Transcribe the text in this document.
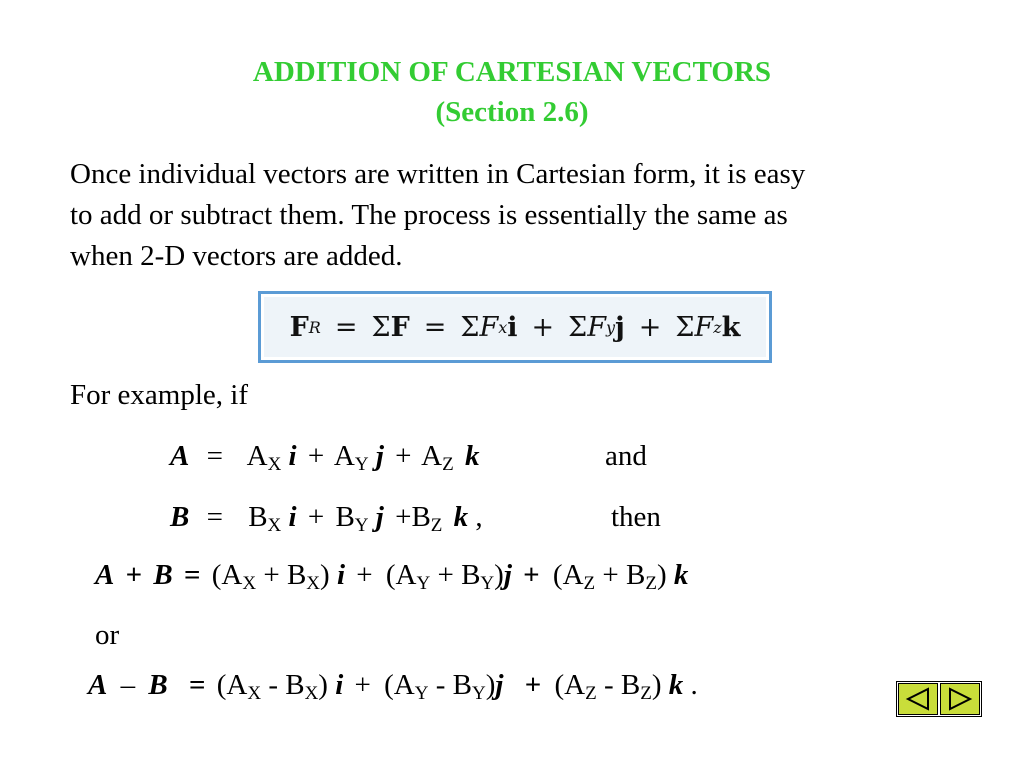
ADDITION OF CARTESIAN VECTORS
(Section 2.6)
Once individual vectors are written in Cartesian form, it is easy
to add or subtract them. The process is essentially the same as
when 2-D vectors are added.
F R = Σ F = Σ F x i + Σ F y j + Σ F z k
For example, if
$A = A_X$ $i + A_Y$ $j + A_Z$ k	and
$B = B_X$ $i + B_Y$ $j +B_Z$ k ,	then
$A + B = (A_X + B_X) i + (A_Y + B_Y)j + (A_Z + B_Z)$ k
or
$A - B = (A_X - B_X) i + (A_Y - B_Y)j + (A_Z - B_Z)$ k .
